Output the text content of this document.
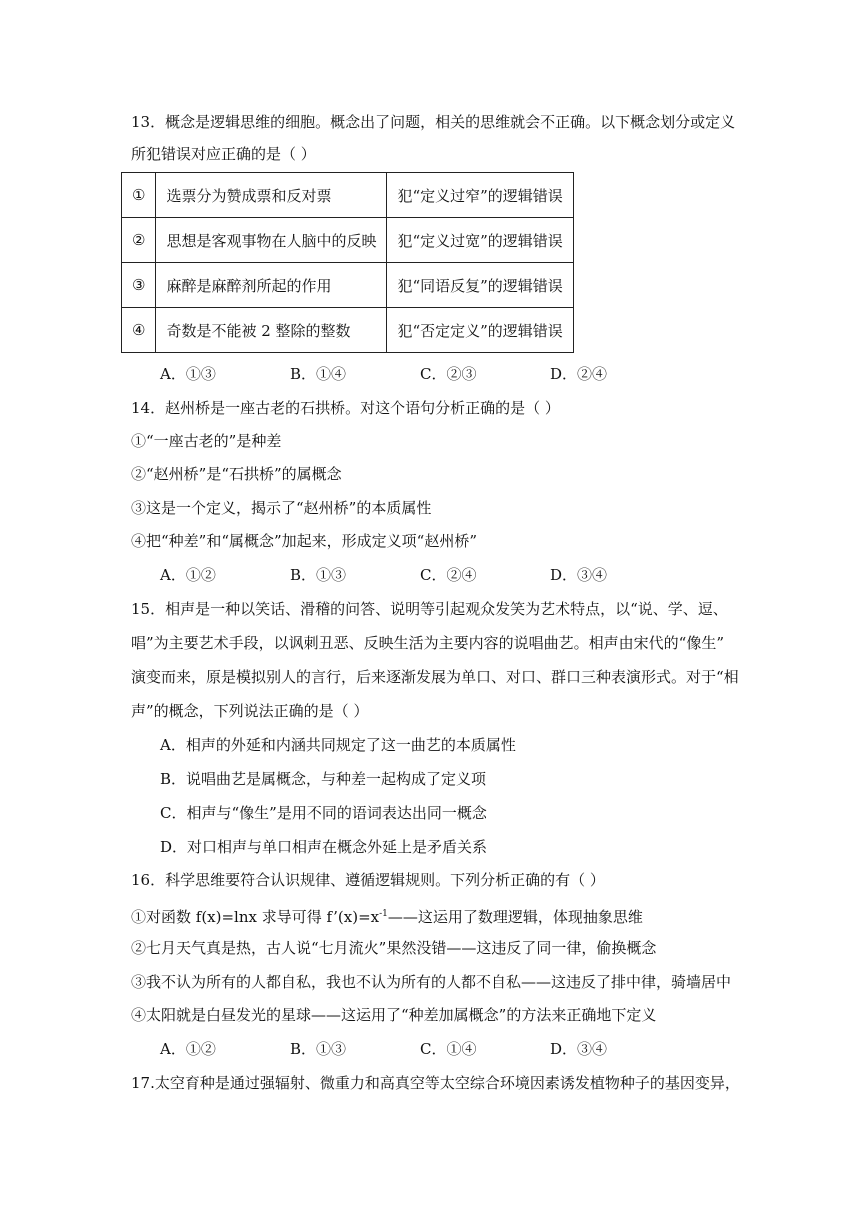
13．概念是逻辑思维的细胞。概念出了问题，相关的思维就会不正确。以下概念划分或定义
所犯错误对应正确的是（ ）
①	选票分为赞成票和反对票	犯“定义过窄”的逻辑错误
②	思想是客观事物在人脑中的反映	犯“定义过宽”的逻辑错误
③	麻醉是麻醉剂所起的作用	犯“同语反复”的逻辑错误
④	奇数是不能被 2 整除的整数	犯“否定定义”的逻辑错误
A．①③	B．①④	C．②③	D．②④
14．赵州桥是一座古老的石拱桥。对这个语句分析正确的是（ ）
①“一座古老的”是种差
②“赵州桥”是“石拱桥”的属概念
③这是一个定义，揭示了“赵州桥”的本质属性
④把“种差”和“属概念”加起来，形成定义项“赵州桥”
A．①②	B．①③	C．②④	D．③④
15．相声是一种以笑话、滑稽的问答、说明等引起观众发笑为艺术特点，以“说、学、逗、
唱”为主要艺术手段，以讽刺丑恶、反映生活为主要内容的说唱曲艺。相声由宋代的“像生”
演变而来，原是模拟别人的言行，后来逐渐发展为单口、对口、群口三种表演形式。对于“相
声”的概念，下列说法正确的是（ ）
A．相声的外延和内涵共同规定了这一曲艺的本质属性
B．说唱曲艺是属概念，与种差一起构成了定义项
C．相声与“像生”是用不同的语词表达出同一概念
D．对口相声与单口相声在概念外延上是矛盾关系
16．科学思维要符合认识规律、遵循逻辑规则。下列分析正确的有（ ）
①对函数 f(x)=lnx 求导可得 $f’(x)=x^{-1}——$这运用了数理逻辑，体现抽象思维
②七月天气真是热，古人说“七月流火”果然没错——这违反了同一律，偷换概念
③我不认为所有的人都自私，我也不认为所有的人都不自私——这违反了排中律，骑墙居中
④太阳就是白昼发光的星球——这运用了“种差加属概念”的方法来正确地下定义
A．①②	B．①③	C．①④	D．③④
17.太空育种是通过强辐射、微重力和高真空等太空综合环境因素诱发植物种子的基因变异，
